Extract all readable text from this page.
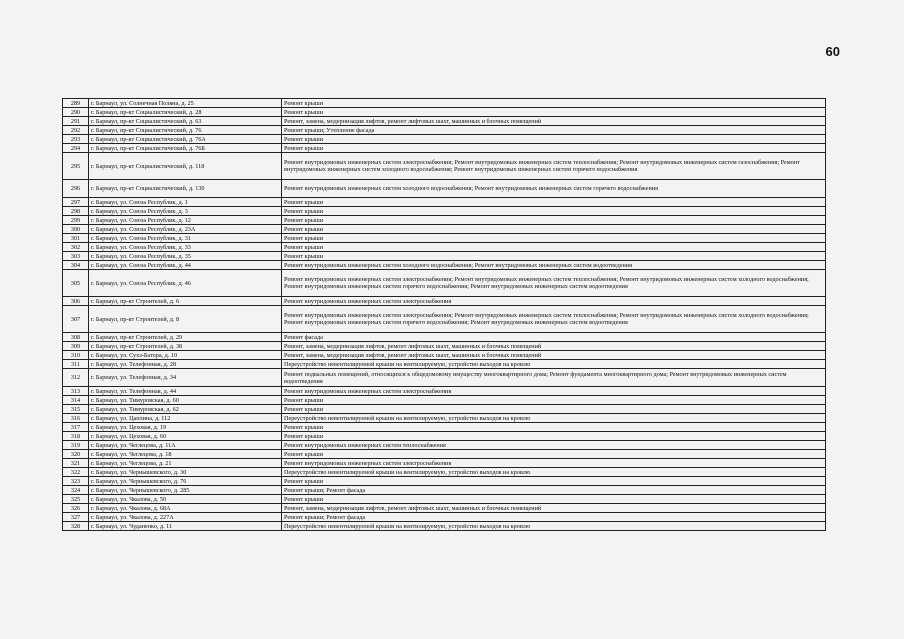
60
289	г. Барнаул, ул. Солнечная Поляна, д. 25	Ремонт крыши
290	г. Барнаул, пр-кт Социалистический, д. 28	Ремонт крыши
291	г. Барнаул, пр-кт Социалистический, д. 63	Ремонт, замена, модернизация лифтов, ремонт лифтовых шахт, машинных и блочных помещений
292	г. Барнаул, пр-кт Социалистический, д. 76	Ремонт крыши; Утепление фасада
293	г. Барнаул, пр-кт Социалистический, д. 76А	Ремонт крыши
294	г. Барнаул, пр-кт Социалистический, д. 76Б	Ремонт крыши
295	г. Барнаул, пр-кт Социалистический, д. 118	Ремонт внутридомовых инженерных систем электроснабжения; Ремонт внутридомовых инженерных систем теплоснабжения; Ремонт внутридомовых инженерных систем газоснабжения; Ремонт внутридомовых инженерных систем холодного водоснабжения; Ремонт внутридомовых инженерных систем горячего водоснабжения
296	г. Барнаул, пр-кт Социалистический, д. 130	Ремонт внутридомовых инженерных систем холодного водоснабжения; Ремонт внутридомовых инженерных систем горячего водоснабжения
297	г. Барнаул, ул. Союза Республик, д. 1	Ремонт крыши
298	г. Барнаул, ул. Союза Республик, д. 3	Ремонт крыши
299	г. Барнаул, ул. Союза Республик, д. 12	Ремонт крыши
300	г. Барнаул, ул. Союза Республик, д. 23А	Ремонт крыши
301	г. Барнаул, ул. Союза Республик, д. 31	Ремонт крыши
302	г. Барнаул, ул. Союза Республик, д. 33	Ремонт крыши
303	г. Барнаул, ул. Союза Республик, д. 35	Ремонт крыши
304	г. Барнаул, ул. Союза Республик, д. 44	Ремонт внутридомовых инженерных систем холодного водоснабжения; Ремонт внутридомовых инженерных систем водоотведения
305	г. Барнаул, ул. Союза Республик, д. 46	Ремонт внутридомовых инженерных систем электроснабжения; Ремонт внутридомовых инженерных систем теплоснабжения; Ремонт внутридомовых инженерных систем холодного водоснабжения; Ремонт внутридомовых инженерных систем горячего водоснабжения; Ремонт внутридомовых инженерных систем водоотведения
306	г. Барнаул, пр-кт Строителей, д. 6	Ремонт внутридомовых инженерных систем электроснабжения
307	г. Барнаул, пр-кт Строителей, д. 8	Ремонт внутридомовых инженерных систем электроснабжения; Ремонт внутридомовых инженерных систем теплоснабжения; Ремонт внутридомовых инженерных систем холодного водоснабжения; Ремонт внутридомовых инженерных систем горячего водоснабжения; Ремонт внутридомовых инженерных систем водоотведения
308	г. Барнаул, пр-кт Строителей, д. 29	Ремонт фасада
309	г. Барнаул, пр-кт Строителей, д. 38	Ремонт, замена, модернизация лифтов, ремонт лифтовых шахт, машинных и блочных помещений
310	г. Барнаул, ул. Сухэ-Батора, д. 10	Ремонт, замена, модернизация лифтов, ремонт лифтовых шахт, машинных и блочных помещений
311	г. Барнаул, ул. Телефонная, д. 28	Переустройство невентилируемой крыши на вентилируемую, устройство выходов на кровлю
312	г. Барнаул, ул. Телефонная, д. 34	Ремонт подвальных помещений, относящихся к общедомовому имуществу многоквартирного дома; Ремонт фундамента многоквартирного дома; Ремонт внутридомовых инженерных систем водоотведения
313	г. Барнаул, ул. Телефонная, д. 44	Ремонт внутридомовых инженерных систем электроснабжения
314	г. Барнаул, ул. Тимуровская, д. 60	Ремонт крыши
315	г. Барнаул, ул. Тимуровская, д. 62	Ремонт крыши
316	г. Барнаул, ул. Цаплина, д. 112	Переустройство невентилируемой крыши на вентилируемую, устройство выходов на кровлю
317	г. Барнаул, ул. Цеховая, д. 19	Ремонт крыши
318	г. Барнаул, ул. Цеховая, д. 60	Ремонт крыши
319	г. Барнаул, ул. Чеглецова, д. 11А	Ремонт внутридомовых инженерных систем теплоснабжения
320	г. Барнаул, ул. Чеглецова, д. 18	Ремонт крыши
321	г. Барнаул, ул. Чеглецова, д. 21	Ремонт внутридомовых инженерных систем электроснабжения
322	г. Барнаул, ул. Чернышевского, д. 30	Переустройство невентилируемой крыши на вентилируемую, устройство выходов на кровлю
323	г. Барнаул, ул. Чернышевского, д. 76	Ремонт крыши
324	г. Барнаул, ул. Чернышевского, д. 285	Ремонт крыши; Ремонт фасада
325	г. Барнаул, ул. Чкалова, д. 50	Ремонт крыши
326	г. Барнаул, ул. Чкалова, д. 68А	Ремонт, замена, модернизация лифтов, ремонт лифтовых шахт, машинных и блочных помещений
327	г. Барнаул, ул. Чкалова, д. 227А	Ремонт крыши; Ремонт фасада
328	г. Барнаул, ул. Чуданенко, д. 11	Переустройство невентилируемой крыши на вентилируемую, устройство выходов на кровлю
